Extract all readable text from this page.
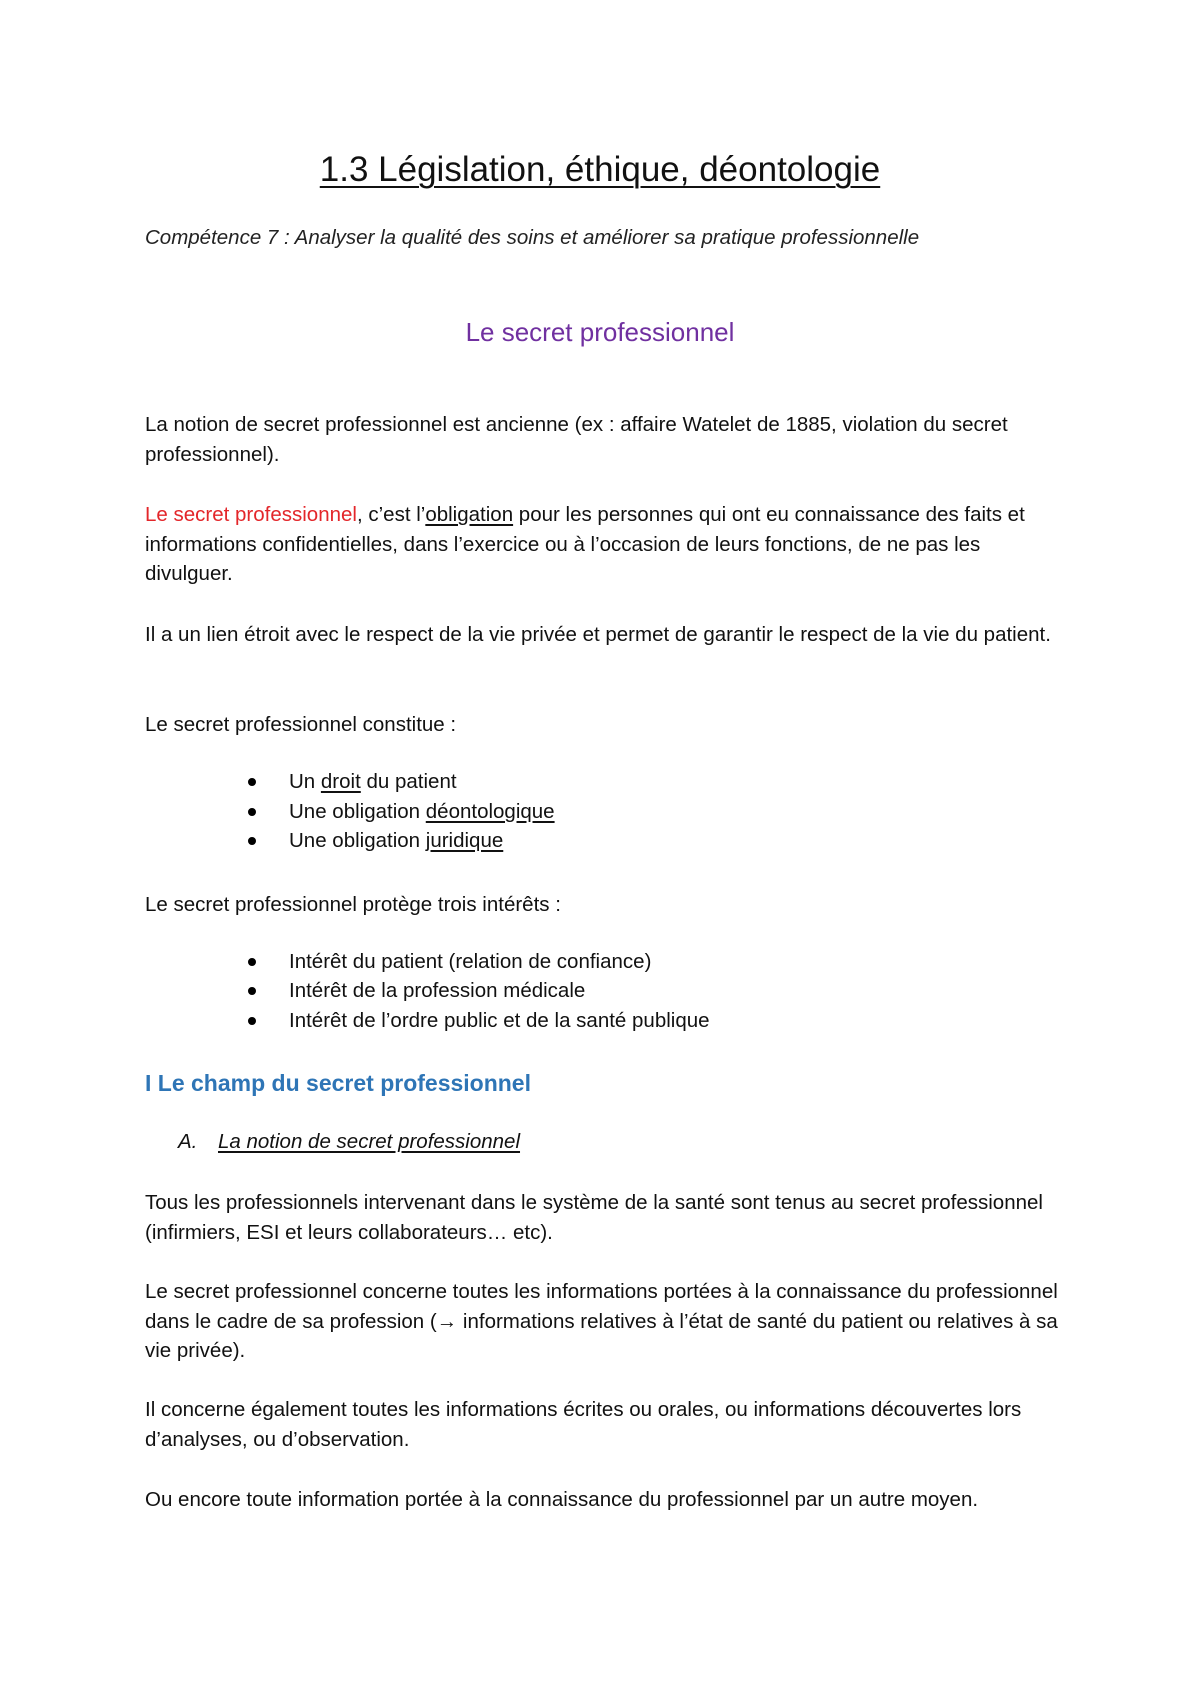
1.3 Législation, éthique, déontologie
Compétence 7 : Analyser la qualité des soins et améliorer sa pratique professionnelle
Le secret professionnel
La notion de secret professionnel est ancienne (ex : affaire Watelet de 1885, violation du secret professionnel).
Le secret professionnel, c’est l’obligation pour les personnes qui ont eu connaissance des faits et informations confidentielles, dans l’exercice ou à l’occasion de leurs fonctions, de ne pas les divulguer.
Il a un lien étroit avec le respect de la vie privée et permet de garantir le respect de la vie du patient.
Le secret professionnel constitue :
Un droit du patient
Une obligation déontologique
Une obligation juridique
Le secret professionnel protège trois intérêts :
Intérêt du patient (relation de confiance)
Intérêt de la profession médicale
Intérêt de l’ordre public et de la santé publique
I Le champ du secret professionnel
A. La notion de secret professionnel
Tous les professionnels intervenant dans le système de la santé sont tenus au secret professionnel (infirmiers, ESI et leurs collaborateurs… etc).
Le secret professionnel concerne toutes les informations portées à la connaissance du professionnel dans le cadre de sa profession (→ informations relatives à l’état de santé du patient ou relatives à sa vie privée).
Il concerne également toutes les informations écrites ou orales, ou informations découvertes lors d’analyses, ou d’observation.
Ou encore toute information portée à la connaissance du professionnel par un autre moyen.
